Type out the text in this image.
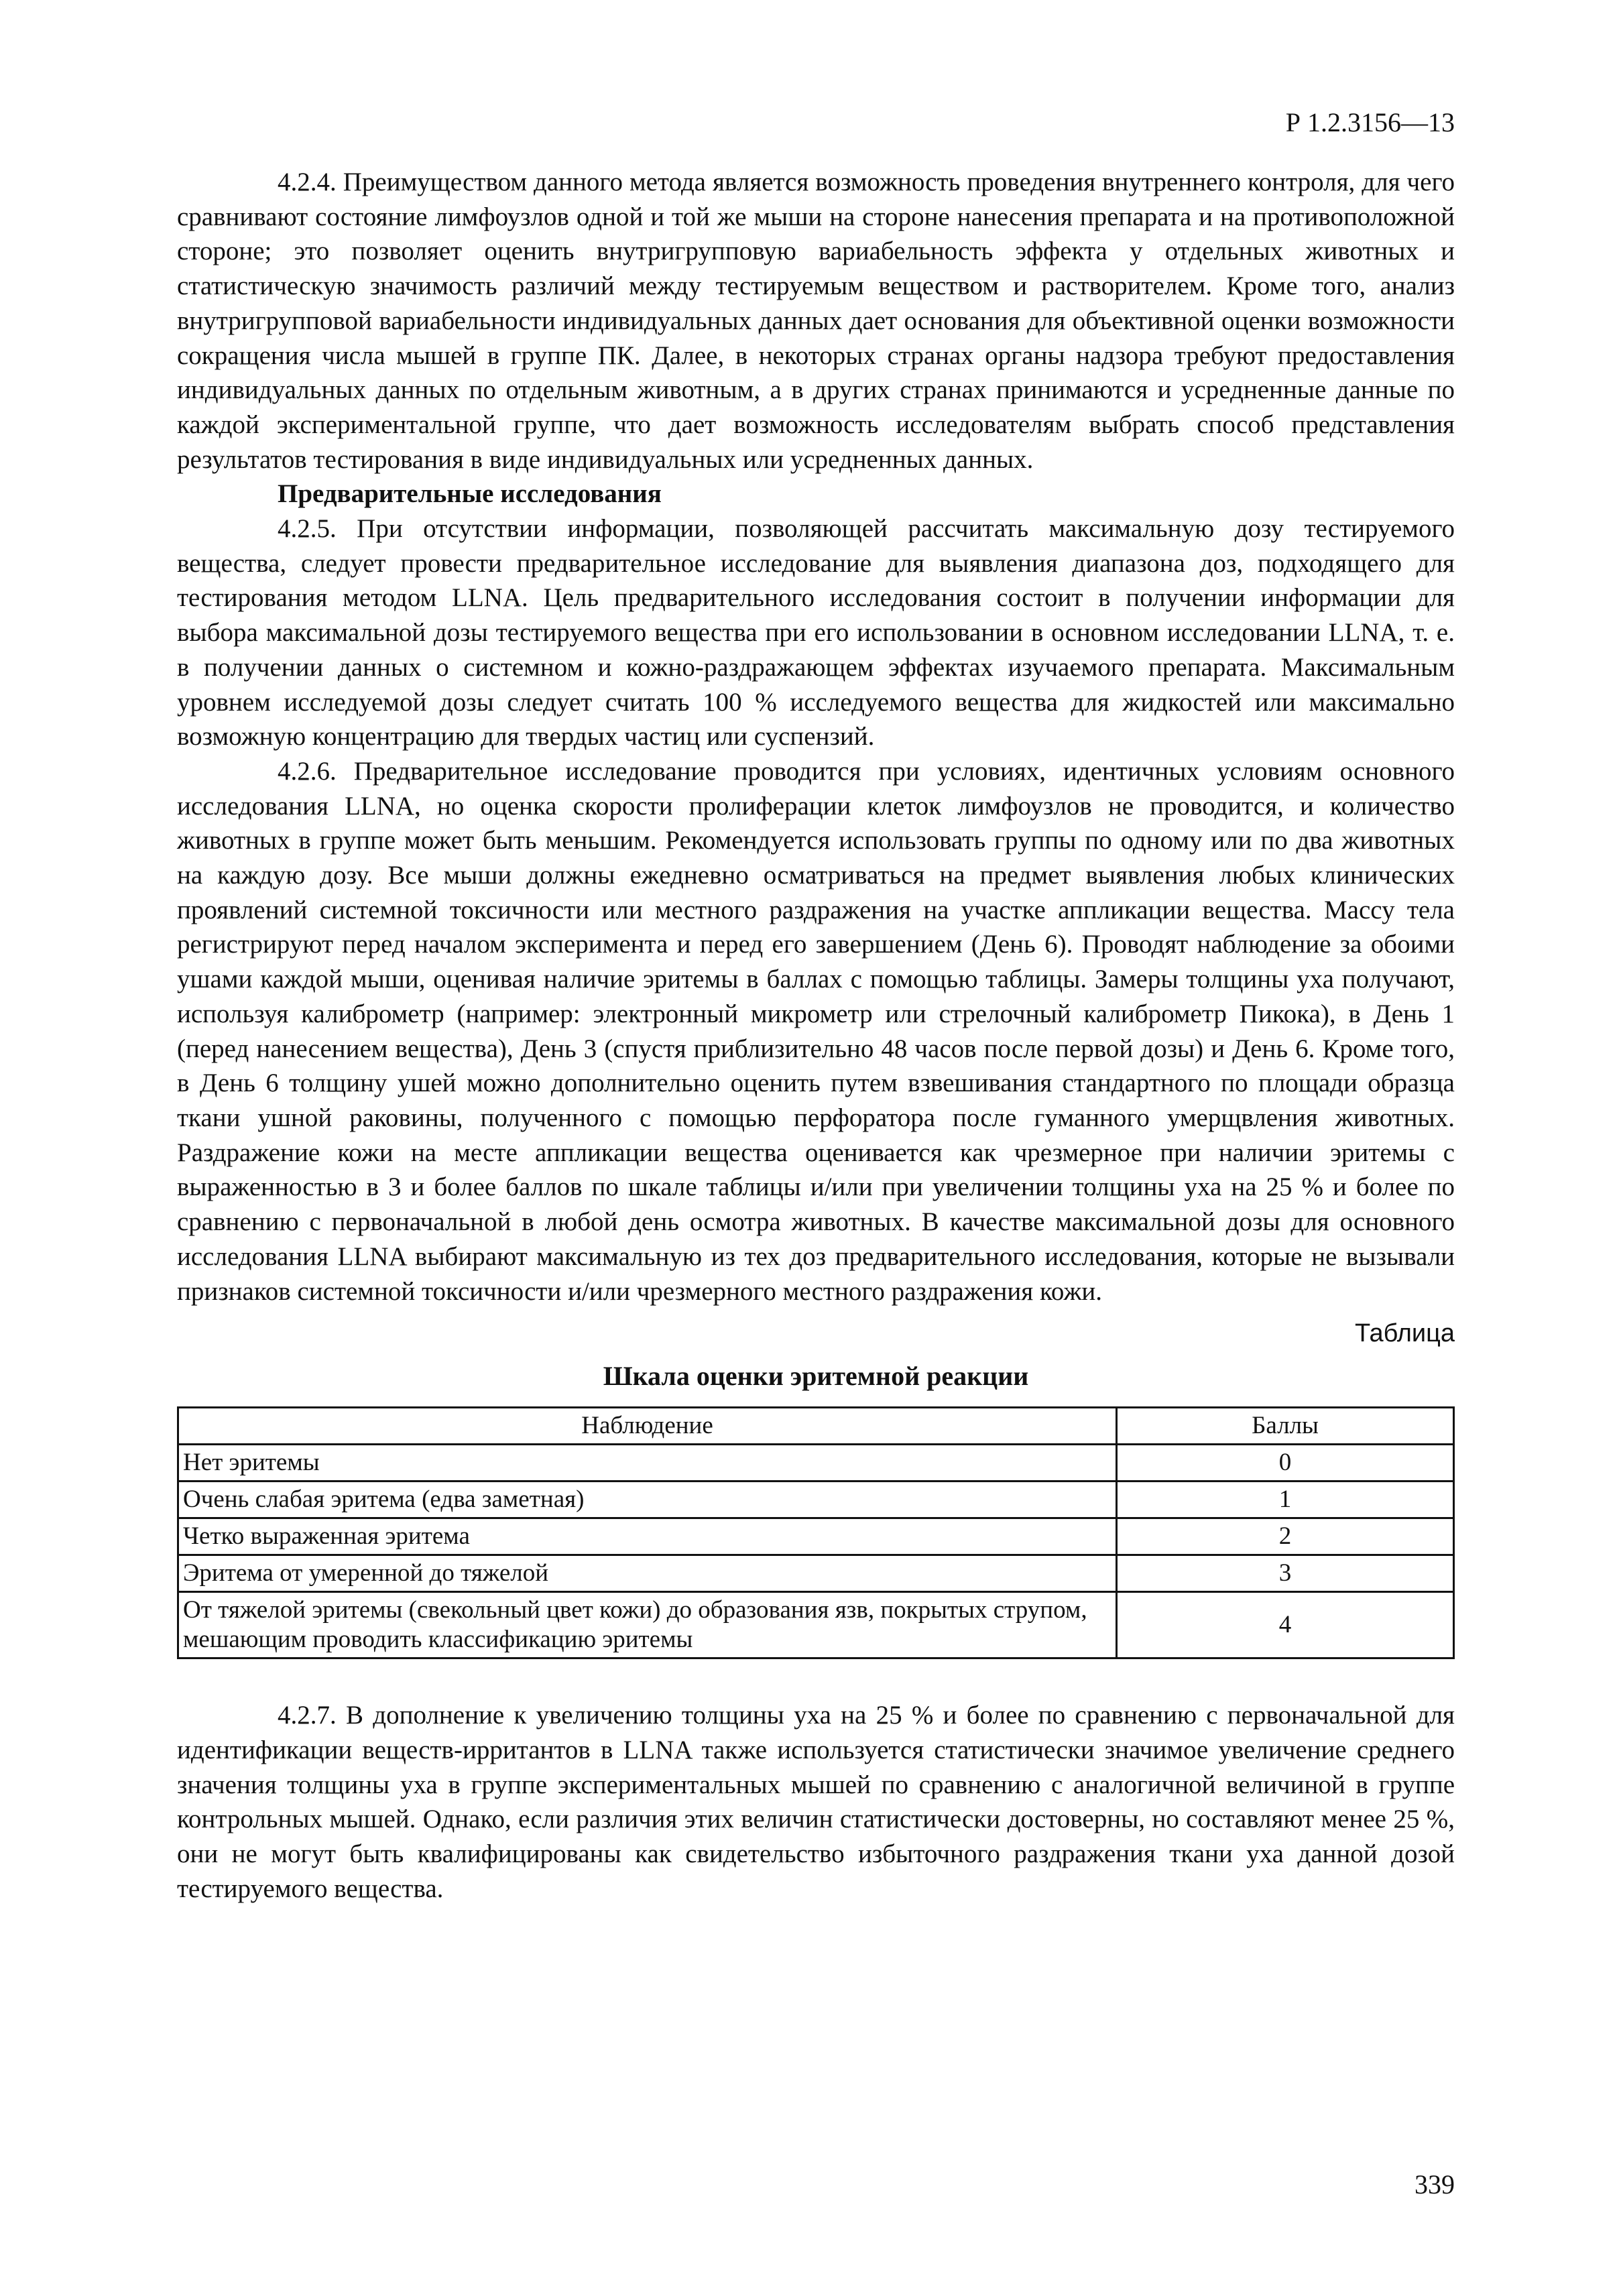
Р 1.2.3156—13

4.2.4. Преимуществом данного метода является возможность проведения внутреннего контроля, для чего сравнивают состояние лимфоузлов одной и той же мыши на стороне нанесения препарата и на противоположной стороне; это позволяет оценить внутригрупповую вариабельность эффекта у отдельных животных и статистическую значимость различий между тестируемым веществом и растворителем. Кроме того, анализ внутригрупповой вариабельности индивидуальных данных дает основания для объективной оценки возможности сокращения числа мышей в группе ПК. Далее, в некоторых странах органы надзора требуют предоставления индивидуальных данных по отдельным животным, а в других странах принимаются и усредненные данные по каждой экспериментальной группе, что дает возможность исследователям выбрать способ представления результатов тестирования в виде индивидуальных или усредненных данных.

Предварительные исследования

4.2.5. При отсутствии информации, позволяющей рассчитать максимальную дозу тестируемого вещества, следует провести предварительное исследование для выявления диапазона доз, подходящего для тестирования методом LLNA. Цель предварительного исследования состоит в получении информации для выбора максимальной дозы тестируемого вещества при его использовании в основном исследовании LLNA, т. е. в получении данных о системном и кожно-раздражающем эффектах изучаемого препарата. Максимальным уровнем исследуемой дозы следует считать 100 % исследуемого вещества для жидкостей или максимально возможную концентрацию для твердых частиц или суспензий.

4.2.6. Предварительное исследование проводится при условиях, идентичных условиям основного исследования LLNA, но оценка скорости пролиферации клеток лимфоузлов не проводится, и количество животных в группе может быть меньшим. Рекомендуется использовать группы по одному или по два животных на каждую дозу. Все мыши должны ежедневно осматриваться на предмет выявления любых клинических проявлений системной токсичности или местного раздражения на участке аппликации вещества. Массу тела регистрируют перед началом эксперимента и перед его завершением (День 6). Проводят наблюдение за обоими ушами каждой мыши, оценивая наличие эритемы в баллах с помощью таблицы. Замеры толщины уха получают, используя калиброметр (например: электронный микрометр или стрелочный калиброметр Пикока), в День 1 (перед нанесением вещества), День 3 (спустя приблизительно 48 часов после первой дозы) и День 6. Кроме того, в День 6 толщину ушей можно дополнительно оценить путем взвешивания стандартного по площади образца ткани ушной раковины, полученного с помощью перфоратора после гуманного умерщвления животных. Раздражение кожи на месте аппликации вещества оценивается как чрезмерное при наличии эритемы с выраженностью в 3 и более баллов по шкале таблицы и/или при увеличении толщины уха на 25 % и более по сравнению с первоначальной в любой день осмотра животных. В качестве максимальной дозы для основного исследования LLNA выбирают максимальную из тех доз предварительного исследования, которые не вызывали признаков системной токсичности и/или чрезмерного местного раздражения кожи.

Таблица
Шкала оценки эритемной реакции
Наблюдение	Баллы
Нет эритемы	0
Очень слабая эритема (едва заметная)	1
Четко выраженная эритема	2
Эритема от умеренной до тяжелой	3
От тяжелой эритемы (свекольный цвет кожи) до образования язв, покрытых струпом, мешающим проводить классификацию эритемы	4

4.2.7. В дополнение к увеличению толщины уха на 25 % и более по сравнению с первоначальной для идентификации веществ-ирритантов в LLNA также используется статистически значимое увеличение среднего значения толщины уха в группе экспериментальных мышей по сравнению с аналогичной величиной в группе контрольных мышей. Однако, если различия этих величин статистически достоверны, но составляют менее 25 %, они не могут быть квалифицированы как свидетельство избыточного раздражения ткани уха данной дозой тестируемого вещества.

339
